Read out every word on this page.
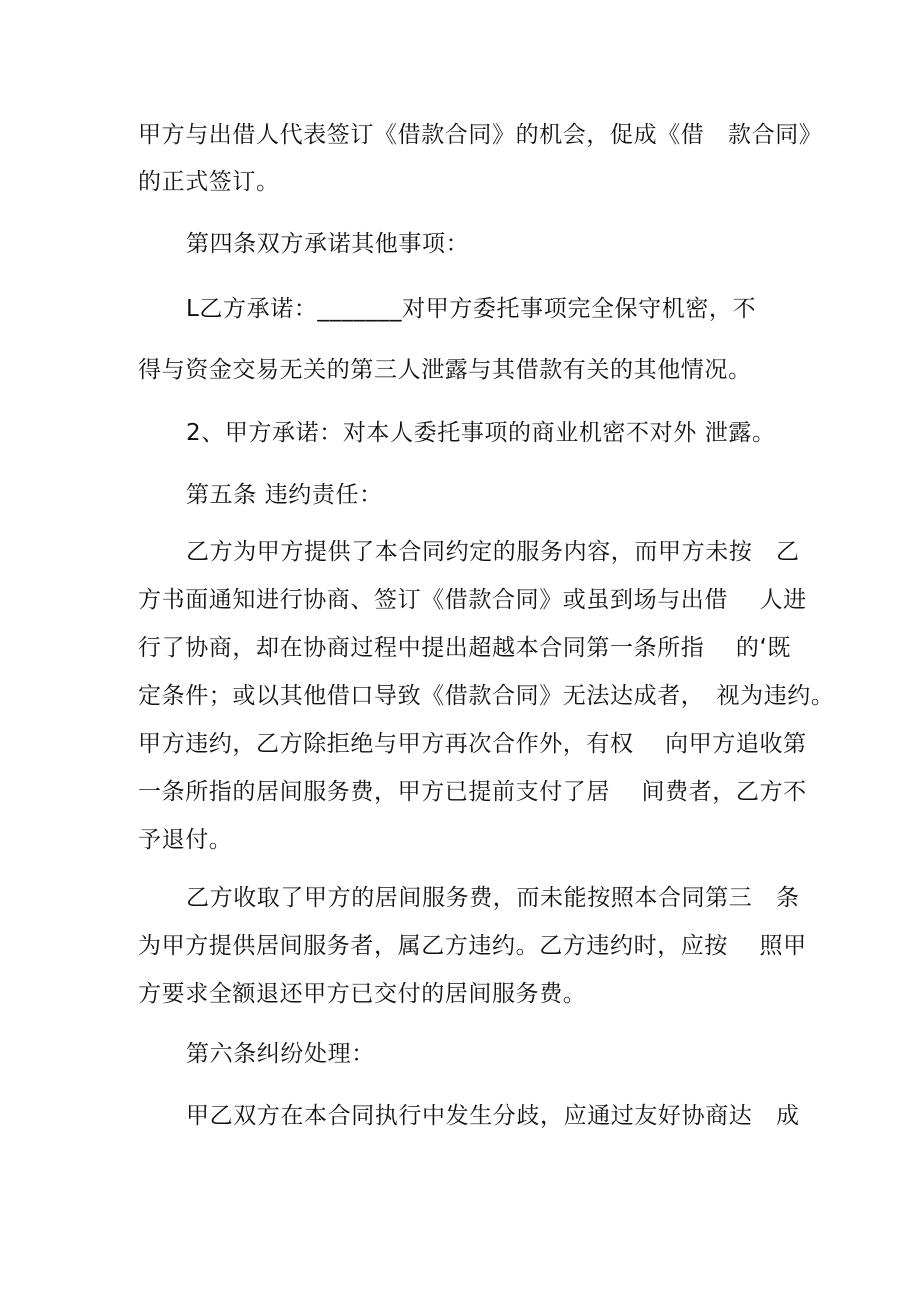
甲方与出借人代表签订《借款合同》的机会，促成《借　款合同》
的正式签订。
第四条双方承诺其他事项：
L乙方承诺：_______对甲方委托事项完全保守机密，不
得与资金交易无关的第三人泄露与其借款有关的其他情况。
2、甲方承诺：对本人委托事项的商业机密不对外 泄露。
第五条 违约责任：
乙方为甲方提供了本合同约定的服务内容，而甲方未按　乙
方书面通知进行协商、签订《借款合同》或虽到场与出借　 人进
行了协商，却在协商过程中提出超越本合同第一条所指　 的‘既
定条件；或以其他借口导致《借款合同》无法达成者，　视为违约。
甲方违约，乙方除拒绝与甲方再次合作外，有权　 向甲方追收第
一条所指的居间服务费，甲方已提前支付了居　 间费者，乙方不
予退付。
乙方收取了甲方的居间服务费，而未能按照本合同第三　条
为甲方提供居间服务者，属乙方违约。乙方违约时，应按　 照甲
方要求全额退还甲方已交付的居间服务费。
第六条纠纷处理：
甲乙双方在本合同执行中发生分歧，应通过友好协商达　成
